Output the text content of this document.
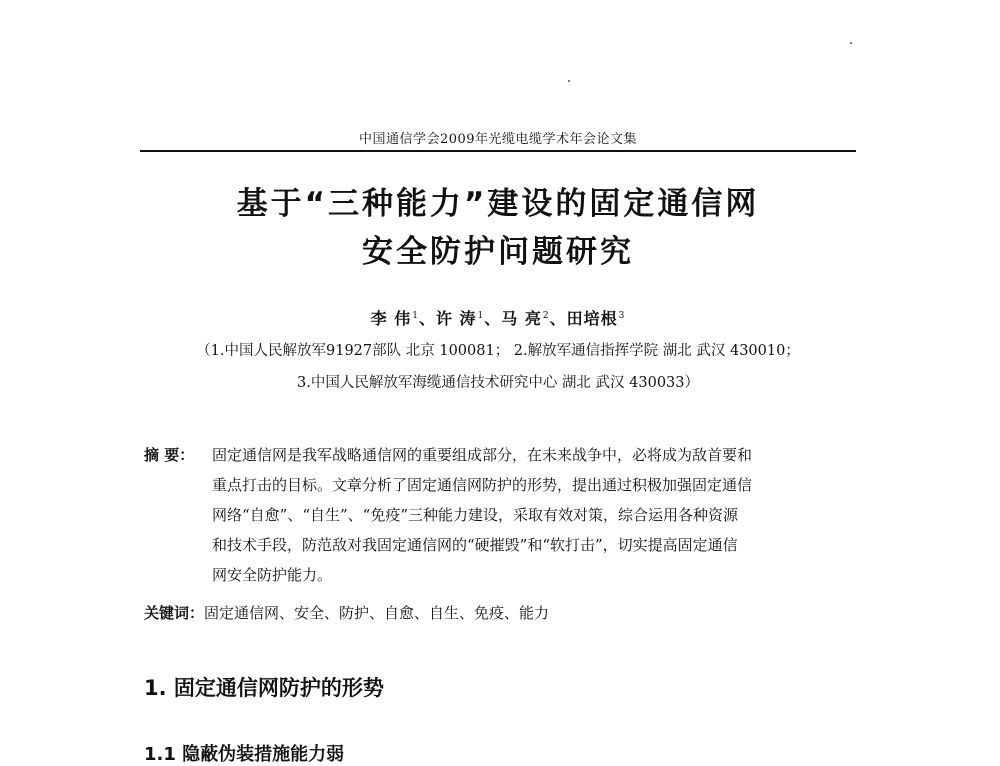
中国通信学会2009年光缆电缆学术年会论文集
基于“三种能力”建设的固定通信网
安全防护问题研究
李 伟$^1$、许 涛$^1$、马 亮$^2$、田培根$^3$
（1.中国人民解放军91927部队 北京 100081； 2.解放军通信指挥学院 湖北 武汉 430010；
3.中国人民解放军海缆通信技术研究中心 湖北 武汉 430033）
摘 要： 固定通信网是我军战略通信网的重要组成部分，在未来战争中，必将成为敌首要和
重点打击的目标。文章分析了固定通信网防护的形势，提出通过积极加强固定通信
网络“自愈”、“自生”、“免疫”三种能力建设，采取有效对策，综合运用各种资源
和技术手段，防范敌对我固定通信网的“硬摧毁”和“软打击”，切实提高固定通信
网安全防护能力。
关键词：固定通信网、安全、防护、自愈、自生、免疫、能力
1. 固定通信网防护的形势
1.1 隐蔽伪装措施能力弱
